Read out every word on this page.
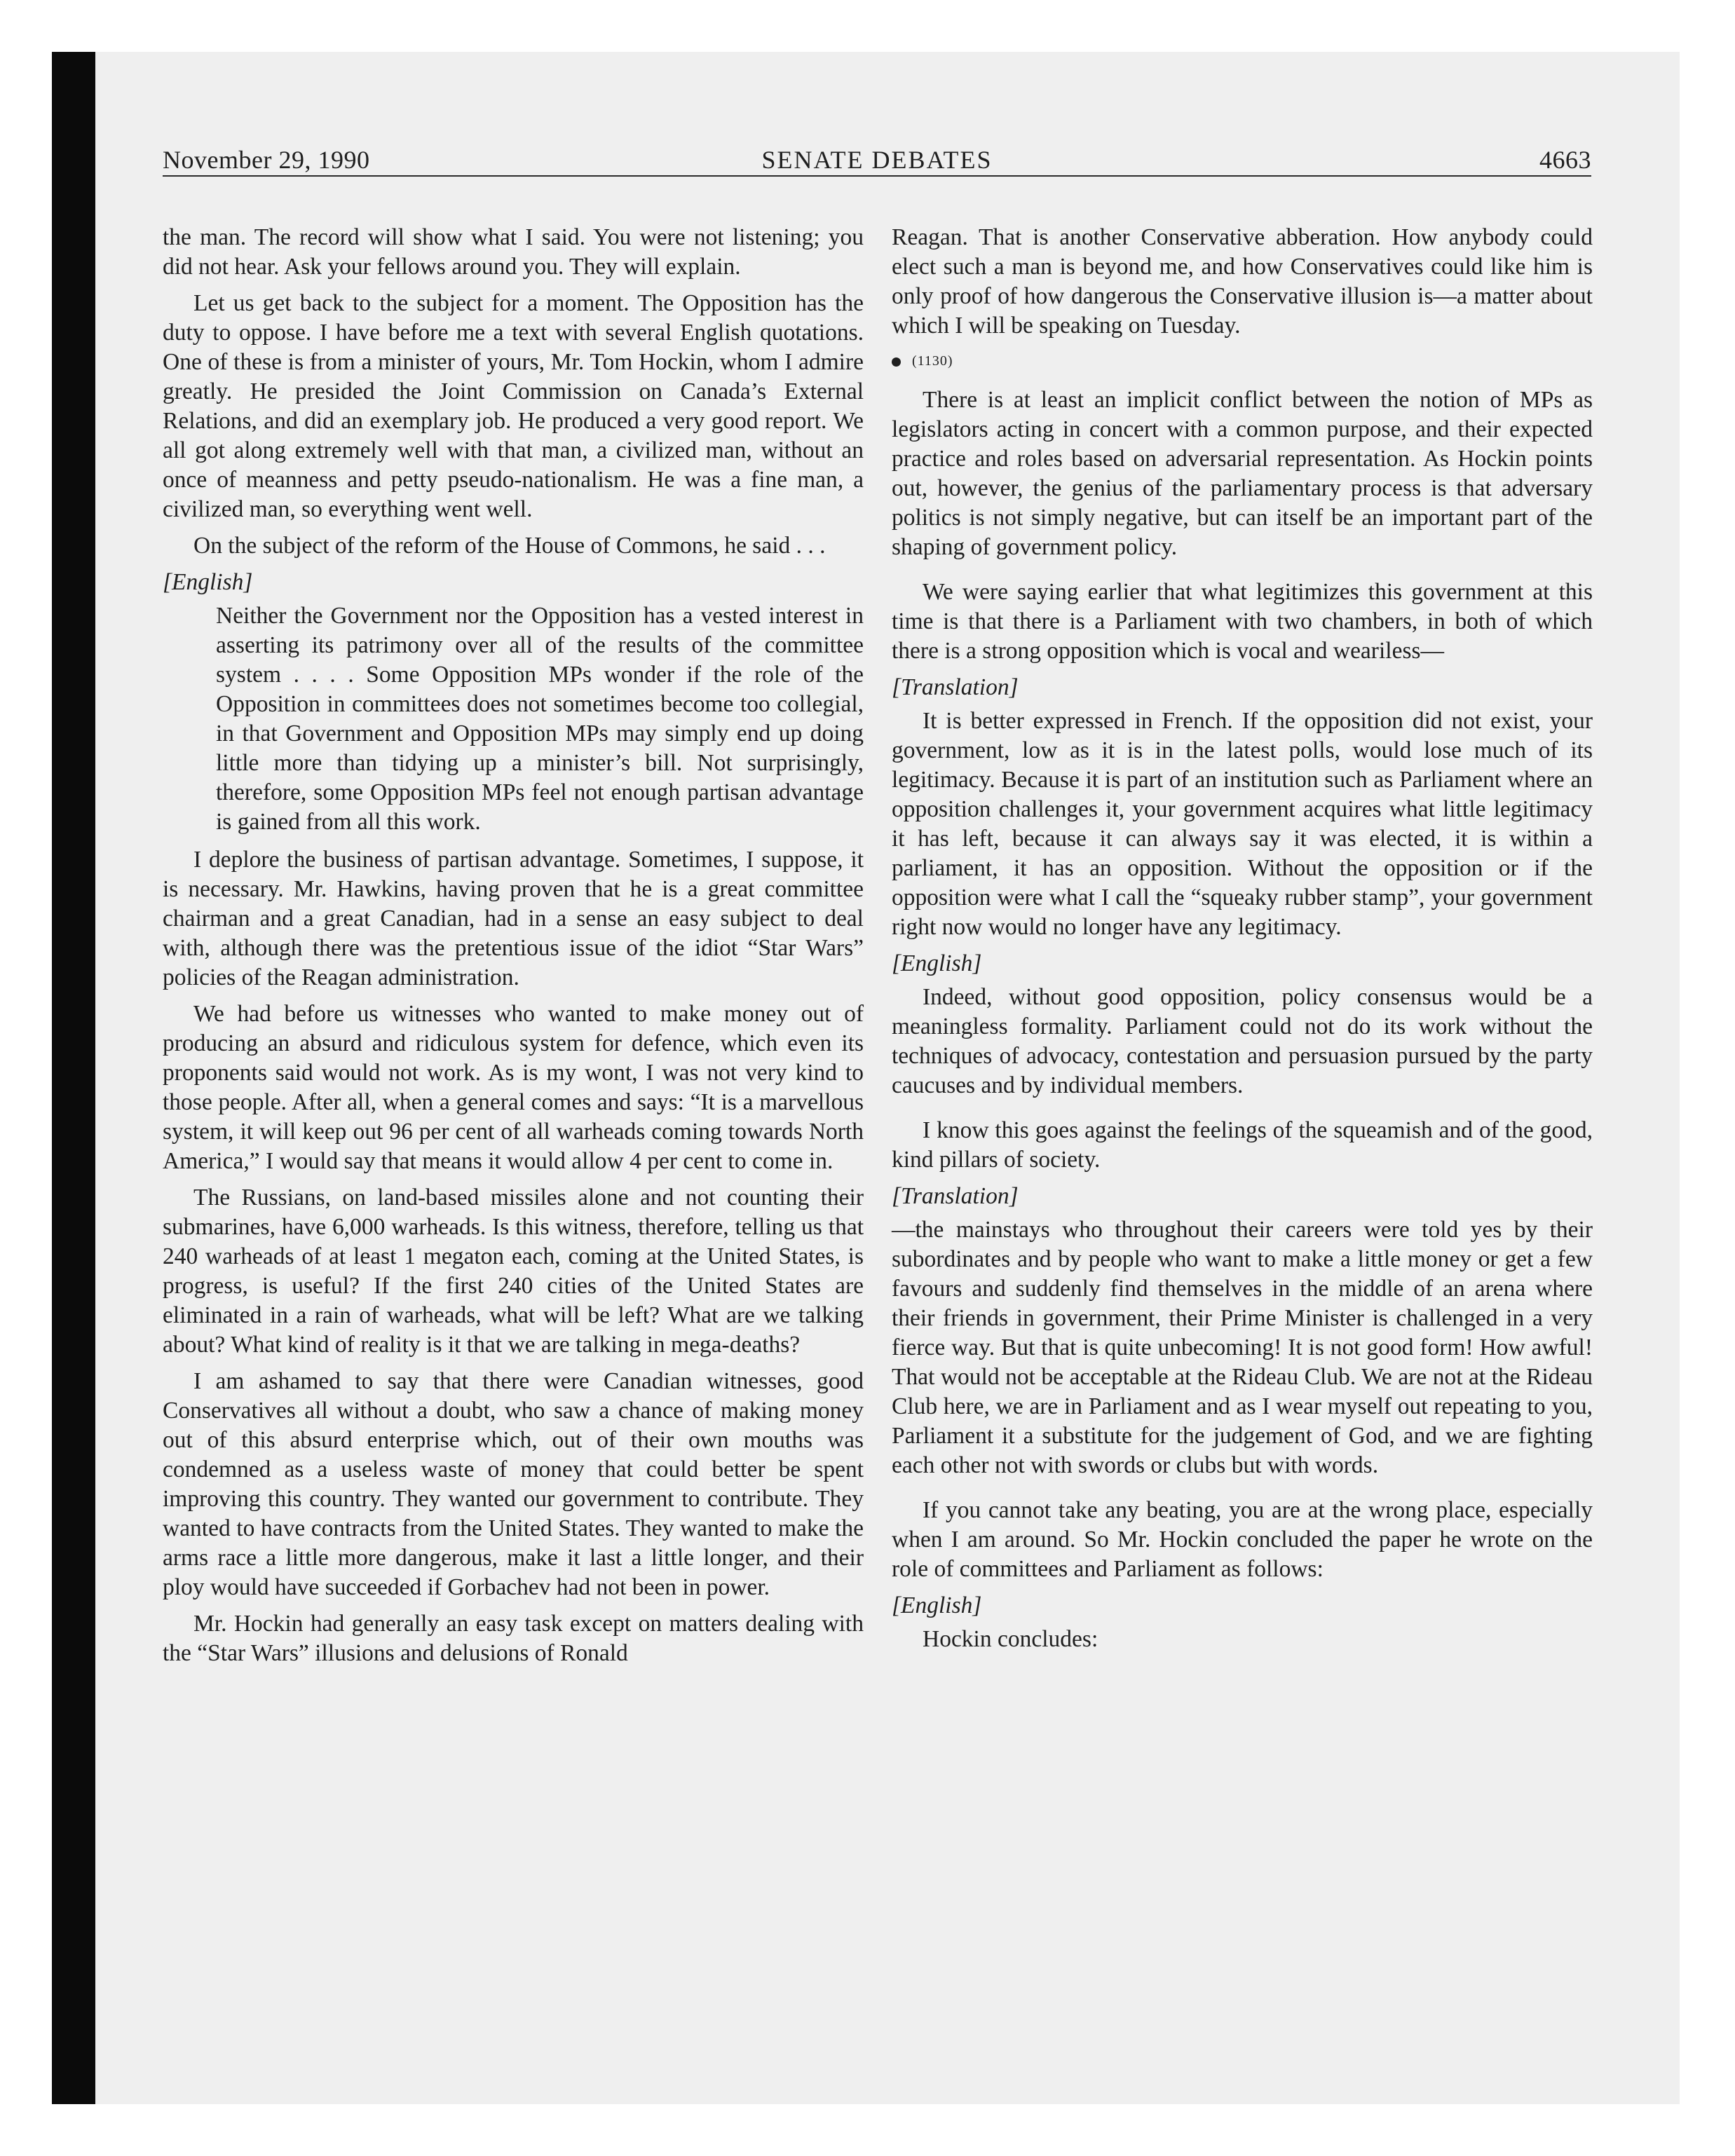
November 29, 1990	SENATE DEBATES	4663

the man. The record will show what I said. You were not listening; you did not hear. Ask your fellows around you. They will explain.

Let us get back to the subject for a moment. The Opposition has the duty to oppose. I have before me a text with several English quotations. One of these is from a minister of yours, Mr. Tom Hockin, whom I admire greatly. He presided the Joint Commission on Canada’s External Relations, and did an exemplary job. He produced a very good report. We all got along extremely well with that man, a civilized man, without an once of meanness and petty pseudo-nationalism. He was a fine man, a civilized man, so everything went well.

On the subject of the reform of the House of Commons, he said . . .

[English]
Neither the Government nor the Opposition has a vested interest in asserting its patrimony over all of the results of the committee system . . . . Some Opposition MPs wonder if the role of the Opposition in committees does not sometimes become too collegial, in that Government and Opposition MPs may simply end up doing little more than tidying up a minister’s bill. Not surprisingly, therefore, some Opposition MPs feel not enough partisan advantage is gained from all this work.

I deplore the business of partisan advantage. Sometimes, I suppose, it is necessary. Mr. Hawkins, having proven that he is a great committee chairman and a great Canadian, had in a sense an easy subject to deal with, although there was the pretentious issue of the idiot “Star Wars” policies of the Reagan administration.

We had before us witnesses who wanted to make money out of producing an absurd and ridiculous system for defence, which even its proponents said would not work. As is my wont, I was not very kind to those people. After all, when a general comes and says: “It is a marvellous system, it will keep out 96 per cent of all warheads coming towards North America,” I would say that means it would allow 4 per cent to come in.

The Russians, on land-based missiles alone and not counting their submarines, have 6,000 warheads. Is this witness, therefore, telling us that 240 warheads of at least 1 megaton each, coming at the United States, is progress, is useful? If the first 240 cities of the United States are eliminated in a rain of warheads, what will be left? What are we talking about? What kind of reality is it that we are talking in mega-deaths?

I am ashamed to say that there were Canadian witnesses, good Conservatives all without a doubt, who saw a chance of making money out of this absurd enterprise which, out of their own mouths was condemned as a useless waste of money that could better be spent improving this country. They wanted our government to contribute. They wanted to have contracts from the United States. They wanted to make the arms race a little more dangerous, make it last a little longer, and their ploy would have succeeded if Gorbachev had not been in power.

Mr. Hockin had generally an easy task except on matters dealing with the “Star Wars” illusions and delusions of Ronald

Reagan. That is another Conservative abberation. How anybody could elect such a man is beyond me, and how Conservatives could like him is only proof of how dangerous the Conservative illusion is—a matter about which I will be speaking on Tuesday.

(1130)

There is at least an implicit conflict between the notion of MPs as legislators acting in concert with a common purpose, and their expected practice and roles based on adversarial representation. As Hockin points out, however, the genius of the parliamentary process is that adversary politics is not simply negative, but can itself be an important part of the shaping of government policy.

We were saying earlier that what legitimizes this government at this time is that there is a Parliament with two chambers, in both of which there is a strong opposition which is vocal and weariless—

[Translation]

It is better expressed in French. If the opposition did not exist, your government, low as it is in the latest polls, would lose much of its legitimacy. Because it is part of an institution such as Parliament where an opposition challenges it, your government acquires what little legitimacy it has left, because it can always say it was elected, it is within a parliament, it has an opposition. Without the opposition or if the opposition were what I call the “squeaky rubber stamp”, your government right now would no longer have any legitimacy.

[English]

Indeed, without good opposition, policy consensus would be a meaningless formality. Parliament could not do its work without the techniques of advocacy, contestation and persuasion pursued by the party caucuses and by individual members.

I know this goes against the feelings of the squeamish and of the good, kind pillars of society.

[Translation]

—the mainstays who throughout their careers were told yes by their subordinates and by people who want to make a little money or get a few favours and suddenly find themselves in the middle of an arena where their friends in government, their Prime Minister is challenged in a very fierce way. But that is quite unbecoming! It is not good form! How awful! That would not be acceptable at the Rideau Club. We are not at the Rideau Club here, we are in Parliament and as I wear myself out repeating to you, Parliament it a substitute for the judgement of God, and we are fighting each other not with swords or clubs but with words.

If you cannot take any beating, you are at the wrong place, especially when I am around. So Mr. Hockin concluded the paper he wrote on the role of committees and Parliament as follows:

[English]

Hockin concludes:
